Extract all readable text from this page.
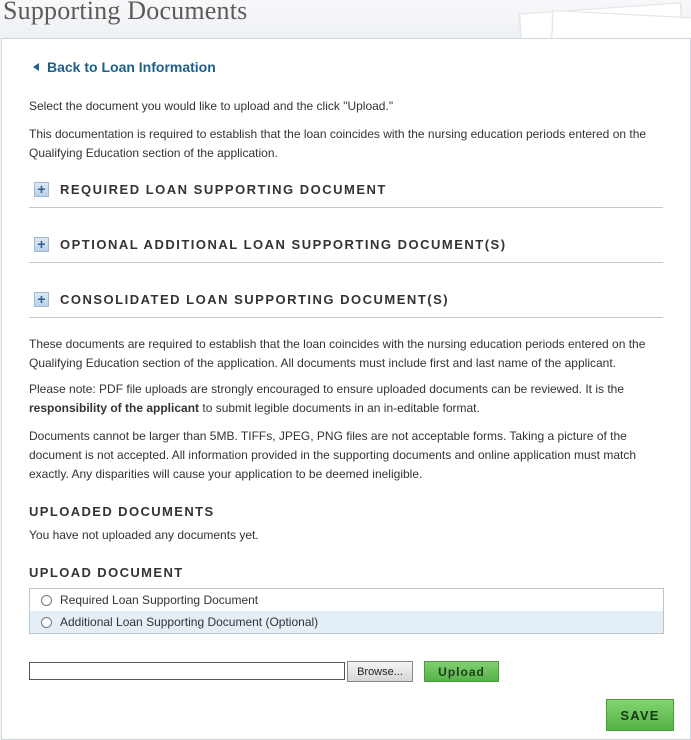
Supporting Documents
Back to Loan Information

Select the document you would like to upload and the click "Upload."

This documentation is required to establish that the loan coincides with the nursing education periods entered on the Qualifying Education section of the application.

+ REQUIRED LOAN SUPPORTING DOCUMENT
+ OPTIONAL ADDITIONAL LOAN SUPPORTING DOCUMENT(S)
+ CONSOLIDATED LOAN SUPPORTING DOCUMENT(S)

These documents are required to establish that the loan coincides with the nursing education periods entered on the Qualifying Education section of the application. All documents must include first and last name of the applicant.

Please note: PDF file uploads are strongly encouraged to ensure uploaded documents can be reviewed. It is the responsibility of the applicant to submit legible documents in an in-editable format.

Documents cannot be larger than 5MB. TIFFs, JPEG, PNG files are not acceptable forms. Taking a picture of the document is not accepted. All information provided in the supporting documents and online application must match exactly. Any disparities will cause your application to be deemed ineligible.

UPLOADED DOCUMENTS

You have not uploaded any documents yet.

UPLOAD DOCUMENT
Required Loan Supporting Document
Additional Loan Supporting Document (Optional)
Browse...	Upload
SAVE
